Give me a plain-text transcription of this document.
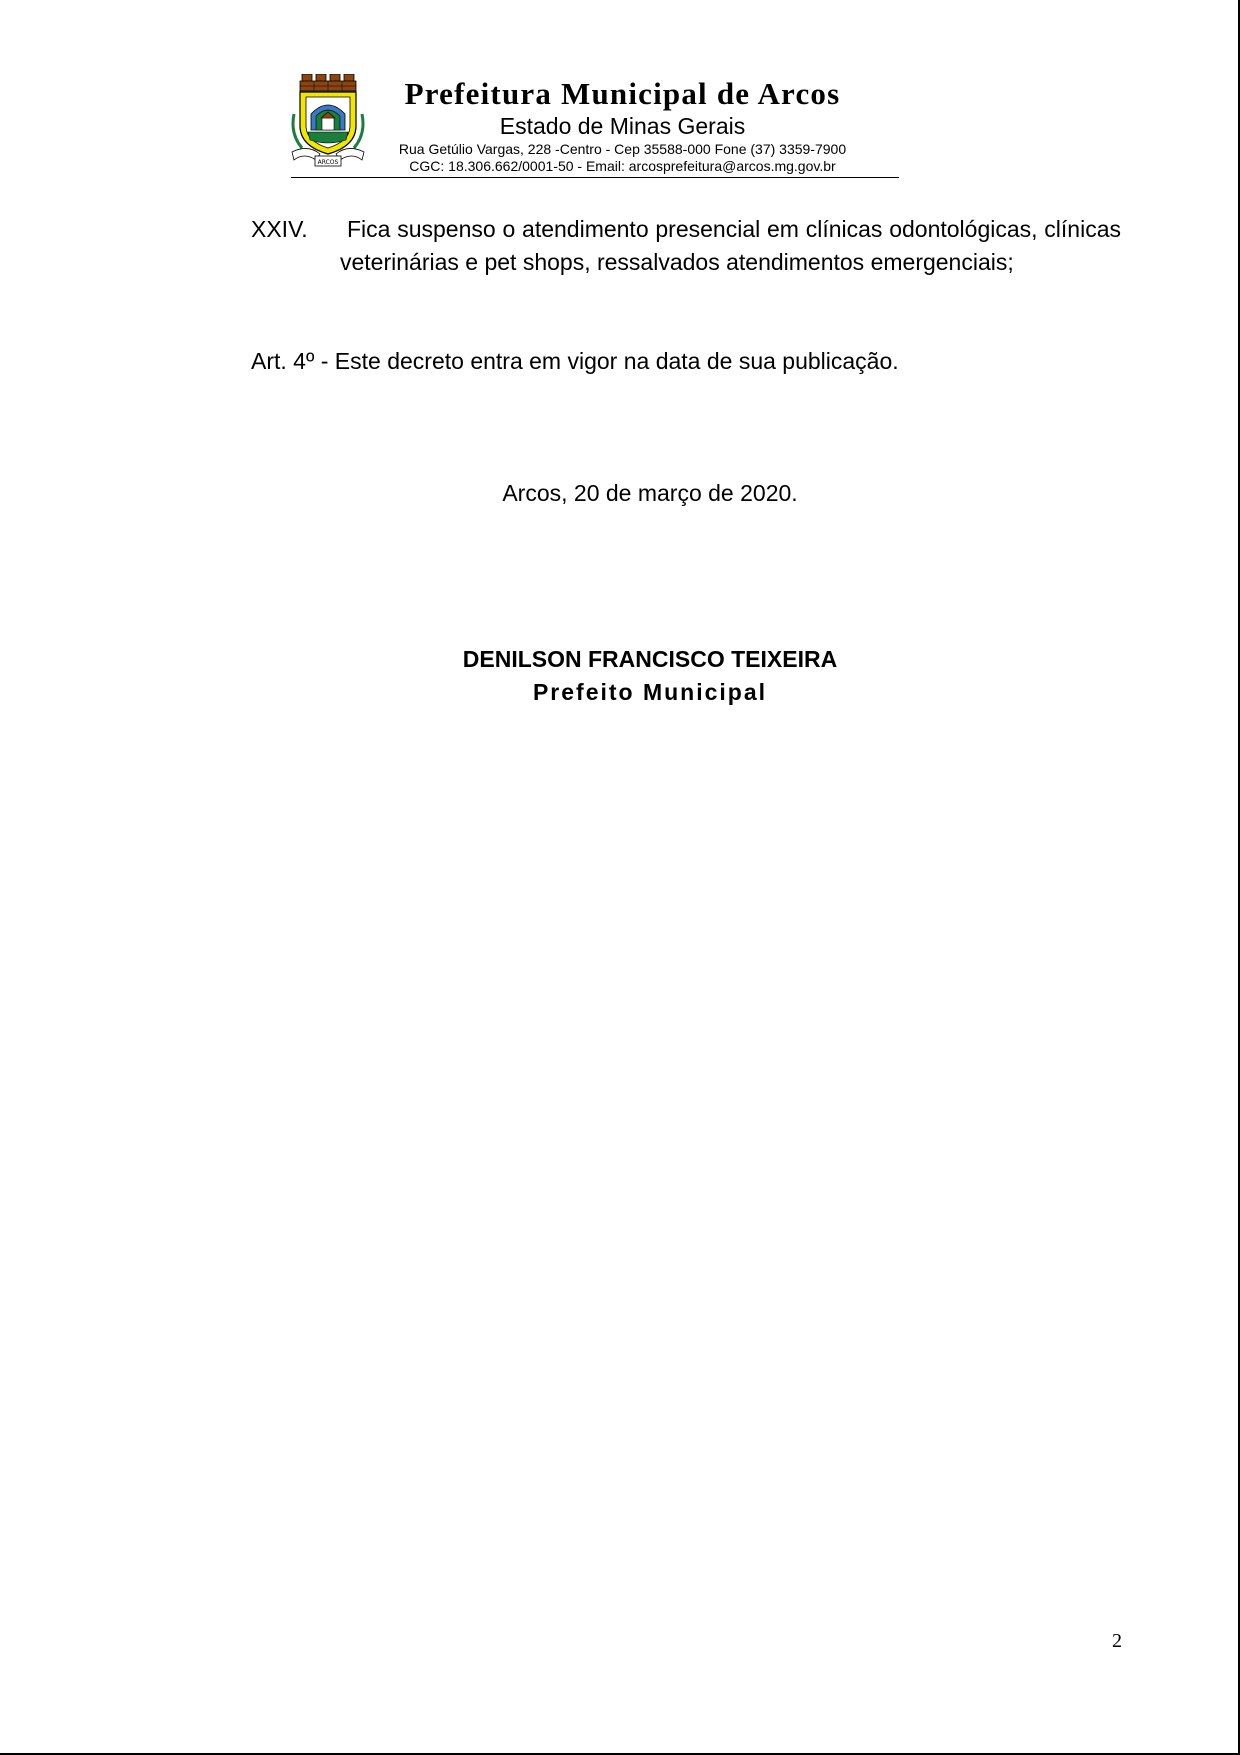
ARCOS
Prefeitura Municipal de Arcos
Estado de Minas Gerais
Rua Getúlio Vargas, 228 -Centro - Cep 35588-000 Fone (37) 3359-7900
CGC: 18.306.662/0001-50 - Email: arcosprefeitura@arcos.mg.gov.br
XXIV.	Fica suspenso o atendimento presencial em clínicas odontológicas, clínicas veterinárias e pet shops, ressalvados atendimentos emergenciais;
Art. 4º - Este decreto entra em vigor na data de sua publicação.
Arcos, 20 de março de 2020.
DENILSON FRANCISCO TEIXEIRA
Prefeito Municipal
2
